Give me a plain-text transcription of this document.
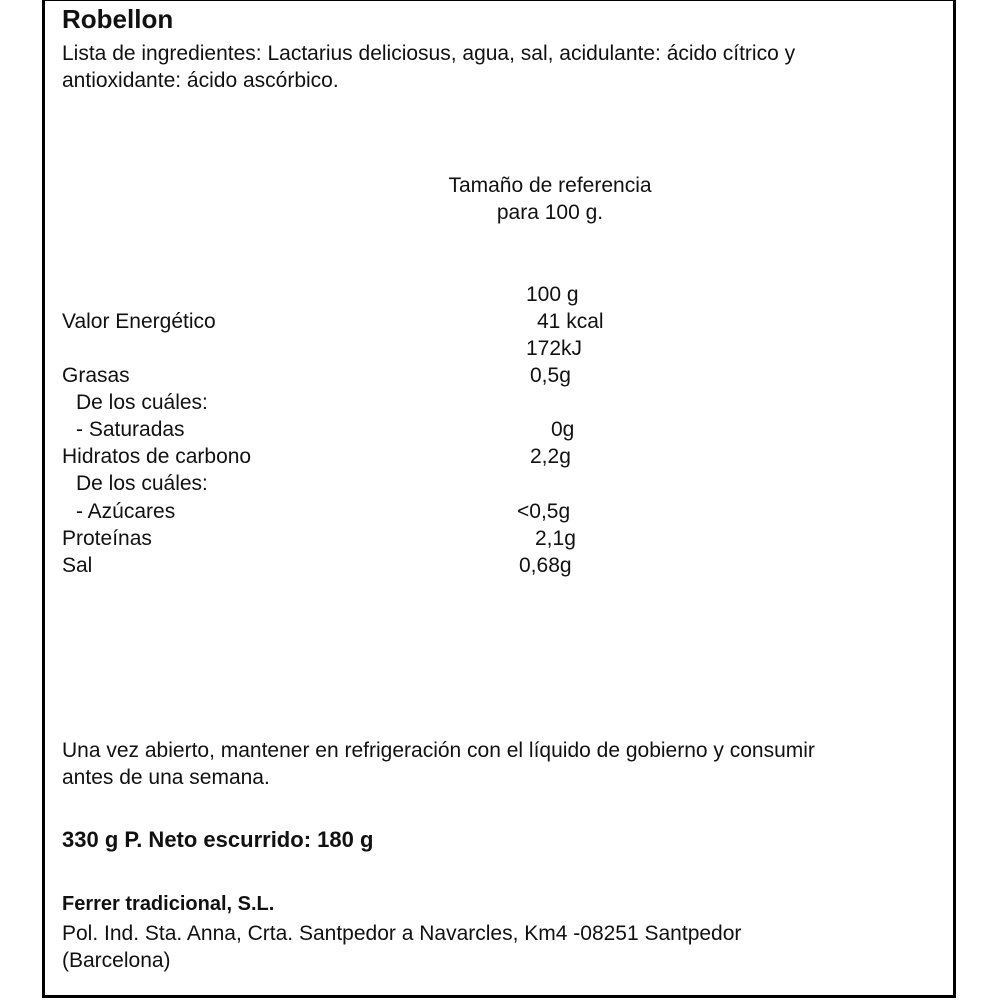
Robellon
Lista de ingredientes: Lactarius deliciosus, agua, sal, acidulante: ácido cítrico y
antioxidante: ácido ascórbico.
Tamaño de referencia
para 100 g.
100 g
Valor Energético	41 kcal
172kJ
Grasas	0,5g
De los cuáles:
- Saturadas	0g
Hidratos de carbono	2,2g
De los cuáles:
- Azúcares	<0,5g
Proteínas	2,1g
Sal	0,68g
Una vez abierto, mantener en refrigeración con el líquido de gobierno y consumir
antes de una semana.
330 g P. Neto escurrido: 180 g
Ferrer tradicional, S.L.
Pol. Ind. Sta. Anna, Crta. Santpedor a Navarcles, Km4 -08251 Santpedor
(Barcelona)
